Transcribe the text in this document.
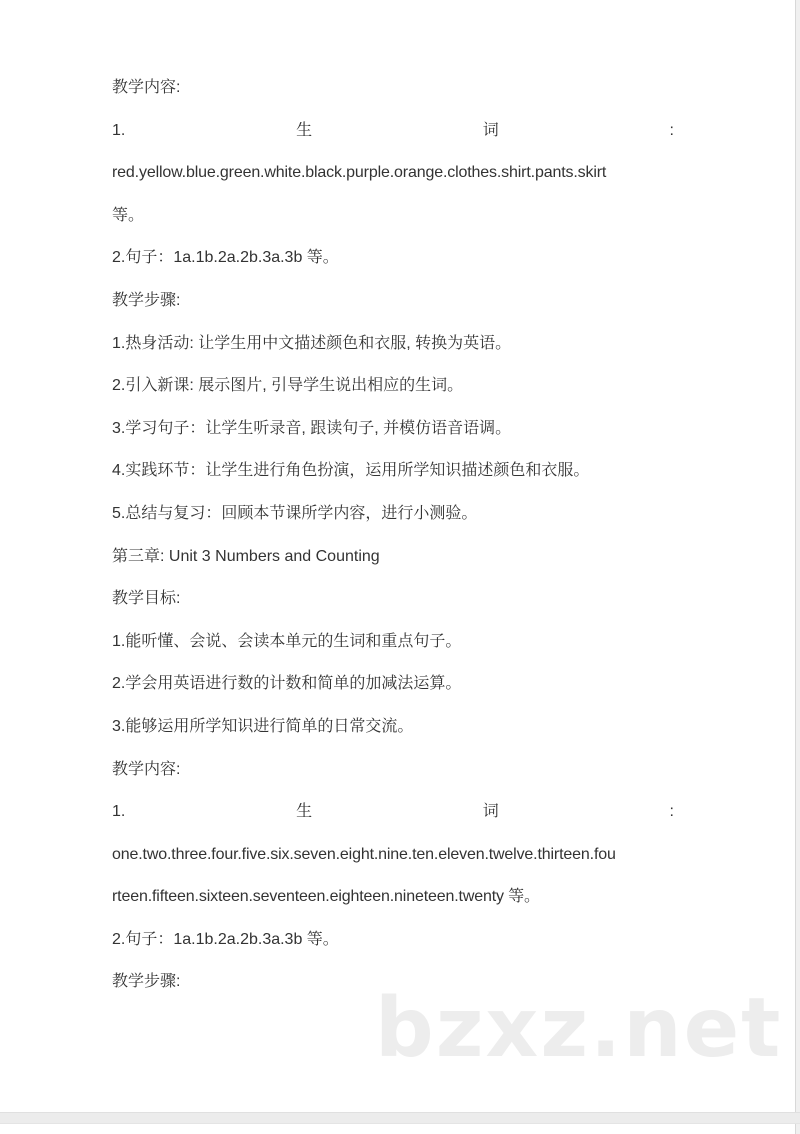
教学内容:
1.	生	词	:
red.yellow.blue.green.white.black.purple.orange.clothes.shirt.pants.skirt
等。
2.句子：1a.1b.2a.2b.3a.3b 等。
教学步骤:
1.热身活动: 让学生用中文描述颜色和衣服, 转换为英语。
2.引入新课: 展示图片, 引导学生说出相应的生词。
3.学习句子：让学生听录音, 跟读句子, 并模仿语音语调。
4.实践环节：让学生进行角色扮演，运用所学知识描述颜色和衣服。
5.总结与复习：回顾本节课所学内容，进行小测验。
第三章: Unit 3 Numbers and Counting
教学目标:
1.能听懂、会说、会读本单元的生词和重点句子。
2.学会用英语进行数的计数和简单的加减法运算。
3.能够运用所学知识进行简单的日常交流。
教学内容:
1.	生	词	:
one.two.three.four.five.six.seven.eight.nine.ten.eleven.twelve.thirteen.fou
rteen.fifteen.sixteen.seventeen.eighteen.nineteen.twenty 等。
2.句子：1a.1b.2a.2b.3a.3b 等。
教学步骤:	bzxz.net
